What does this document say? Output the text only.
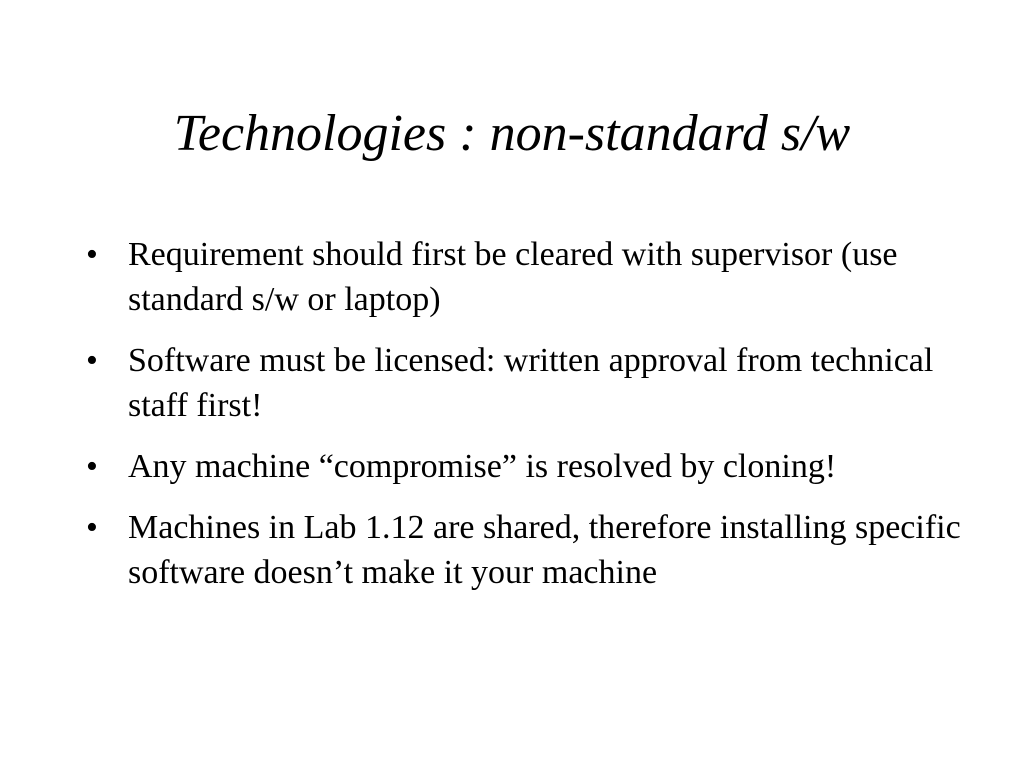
Technologies : non-standard s/w
• Requirement should first be cleared with supervisor (use standard s/w or laptop)
• Software must be licensed: written approval from technical staff first!
• Any machine “compromise” is resolved by cloning!
• Machines in Lab 1.12 are shared, therefore installing specific software doesn’t make it your machine
